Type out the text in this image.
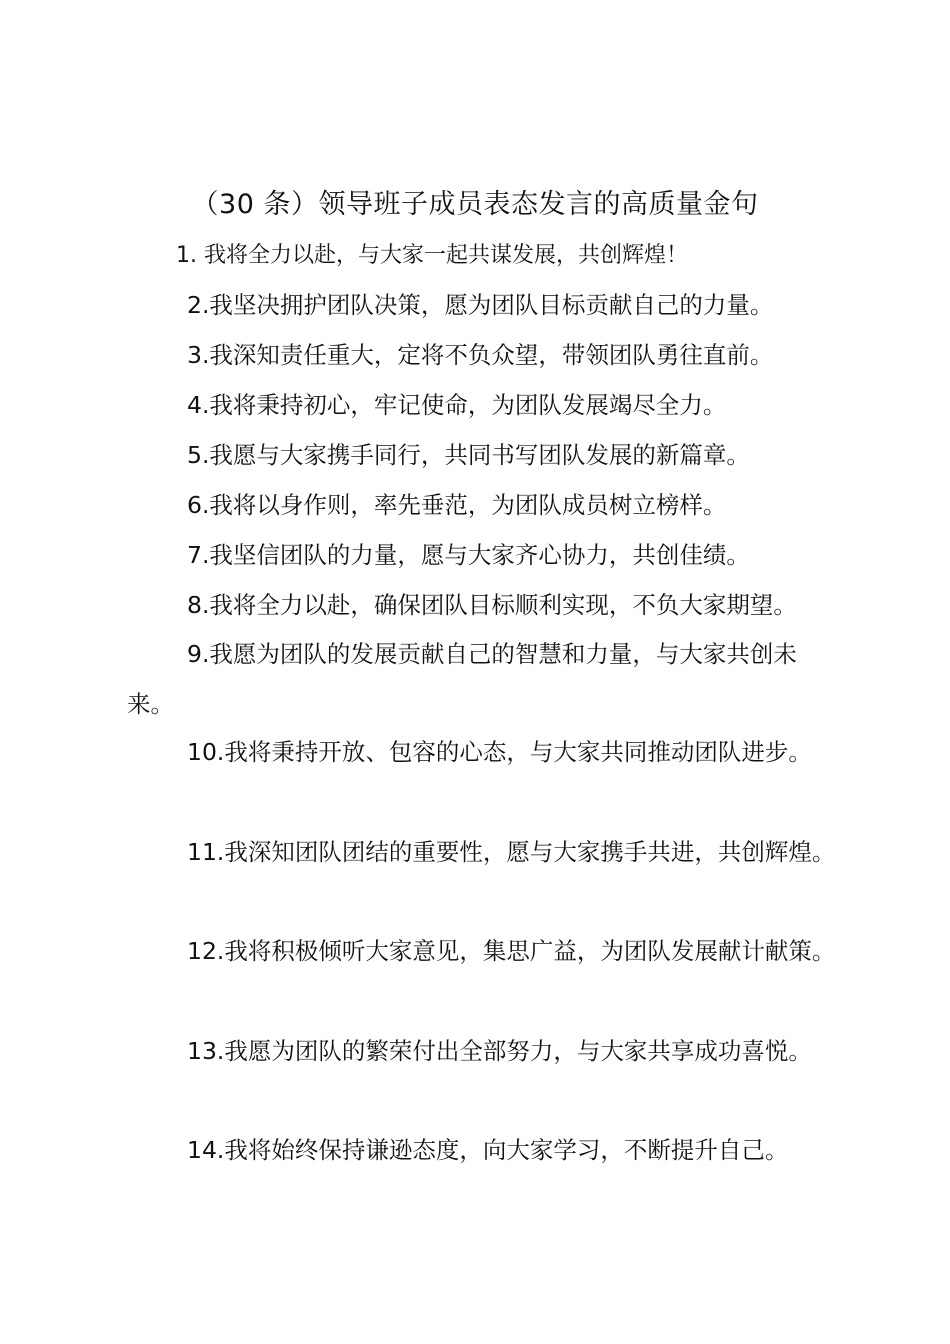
（30 条）领导班子成员表态发言的高质量金句
1. 我将全力以赴，与大家一起共谋发展，共创辉煌！

2.我坚决拥护团队决策，愿为团队目标贡献自己的力量。

3.我深知责任重大，定将不负众望，带领团队勇往直前。

4.我将秉持初心，牢记使命，为团队发展竭尽全力。

5.我愿与大家携手同行，共同书写团队发展的新篇章。

6.我将以身作则，率先垂范，为团队成员树立榜样。

7.我坚信团队的力量，愿与大家齐心协力，共创佳绩。

8.我将全力以赴，确保团队目标顺利实现，不负大家期望。

9.我愿为团队的发展贡献自己的智慧和力量，与大家共创未来。

10.我将秉持开放、包容的心态，与大家共同推动团队进步。

11.我深知团队团结的重要性，愿与大家携手共进，共创辉煌。

12.我将积极倾听大家意见，集思广益，为团队发展献计献策。

13.我愿为团队的繁荣付出全部努力，与大家共享成功喜悦。

14.我将始终保持谦逊态度，向大家学习，不断提升自己。
